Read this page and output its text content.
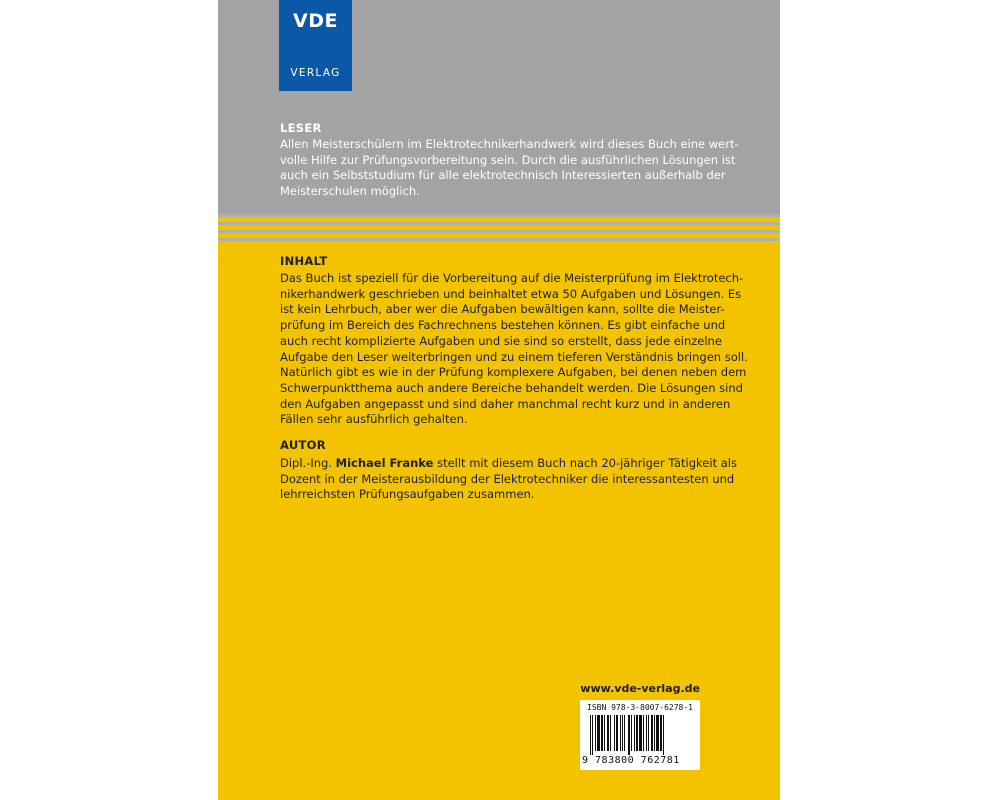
VDE
VERLAG
LESER
Allen Meisterschülern im Elektrotechnikerhandwerk wird dieses Buch eine wert-
volle Hilfe zur Prüfungsvorbereitung sein. Durch die ausführlichen Lösungen ist
auch ein Selbststudium für alle elektrotechnisch Interessierten außerhalb der
Meisterschulen möglich.
INHALT
Das Buch ist speziell für die Vorbereitung auf die Meisterprüfung im Elektrotech-
nikerhandwerk geschrieben und beinhaltet etwa 50 Aufgaben und Lösungen. Es
ist kein Lehrbuch, aber wer die Aufgaben bewältigen kann, sollte die Meister-
prüfung im Bereich des Fachrechnens bestehen können. Es gibt einfache und
auch recht komplizierte Aufgaben und sie sind so erstellt, dass jede einzelne
Aufgabe den Leser weiterbringen und zu einem tieferen Verständnis bringen soll.
Natürlich gibt es wie in der Prüfung komplexere Aufgaben, bei denen neben dem
Schwerpunktthema auch andere Bereiche behandelt werden. Die Lösungen sind
den Aufgaben angepasst und sind daher manchmal recht kurz und in anderen
Fällen sehr ausführlich gehalten.
AUTOR
Dipl.-Ing. Michael Franke stellt mit diesem Buch nach 20-jähriger Tätigkeit als
Dozent in der Meisterausbildung der Elektrotechniker die interessantesten und
lehrreichsten Prüfungsaufgaben zusammen.
www.vde-verlag.de
ISBN 978-3-8007-6278-1
9 783800 762781
